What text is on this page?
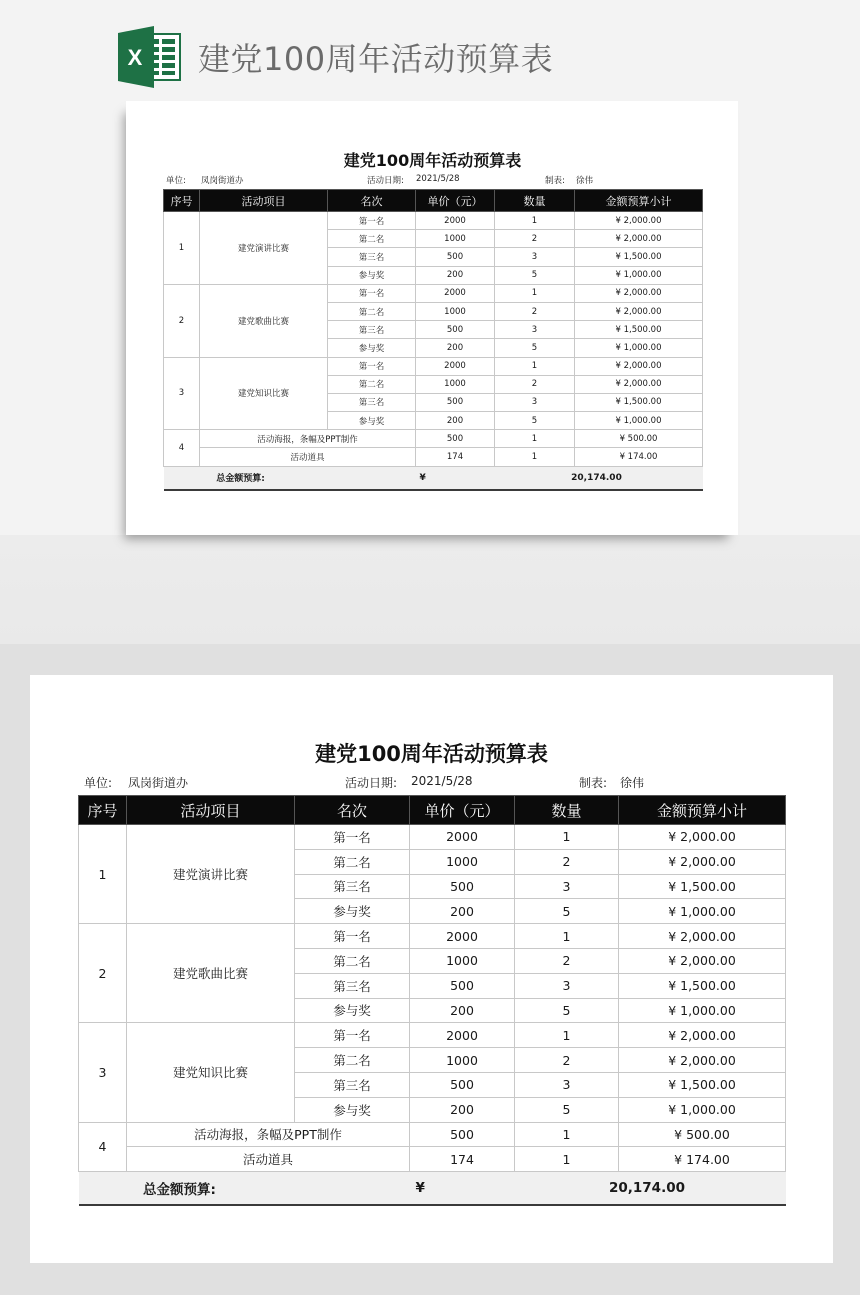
X 建党100周年活动预算表
建党100周年活动预算表
单位: 凤岗街道办	活动日期: 2021/5/28	制表: 徐伟
序号	活动项目	名次	单价（元）	数量	金额预算小计
1	建党演讲比赛	第一名	2000	1	¥ 2,000.00
		第二名	1000	2	¥ 2,000.00
		第三名	500	3	¥ 1,500.00
		参与奖	200	5	¥ 1,000.00
2	建党歌曲比赛	第一名	2000	1	¥ 2,000.00
		第二名	1000	2	¥ 2,000.00
		第三名	500	3	¥ 1,500.00
		参与奖	200	5	¥ 1,000.00
3	建党知识比赛	第一名	2000	1	¥ 2,000.00
		第二名	1000	2	¥ 2,000.00
		第三名	500	3	¥ 1,500.00
		参与奖	200	5	¥ 1,000.00
4	活动海报，条幅及PPT制作		500	1	¥ 500.00
	活动道具		174	1	¥ 174.00
总金额预算:			¥	20,174.00	
建党100周年活动预算表
单位: 凤岗街道办	活动日期: 2021/5/28	制表: 徐伟
序号	活动项目	名次	单价（元）	数量	金额预算小计
1	建党演讲比赛	第一名	2000	1	¥ 2,000.00
		第二名	1000	2	¥ 2,000.00
		第三名	500	3	¥ 1,500.00
		参与奖	200	5	¥ 1,000.00
2	建党歌曲比赛	第一名	2000	1	¥ 2,000.00
		第二名	1000	2	¥ 2,000.00
		第三名	500	3	¥ 1,500.00
		参与奖	200	5	¥ 1,000.00
3	建党知识比赛	第一名	2000	1	¥ 2,000.00
		第二名	1000	2	¥ 2,000.00
		第三名	500	3	¥ 1,500.00
		参与奖	200	5	¥ 1,000.00
4	活动海报，条幅及PPT制作		500	1	¥ 500.00
	活动道具		174	1	¥ 174.00
总金额预算:			¥	20,174.00	
